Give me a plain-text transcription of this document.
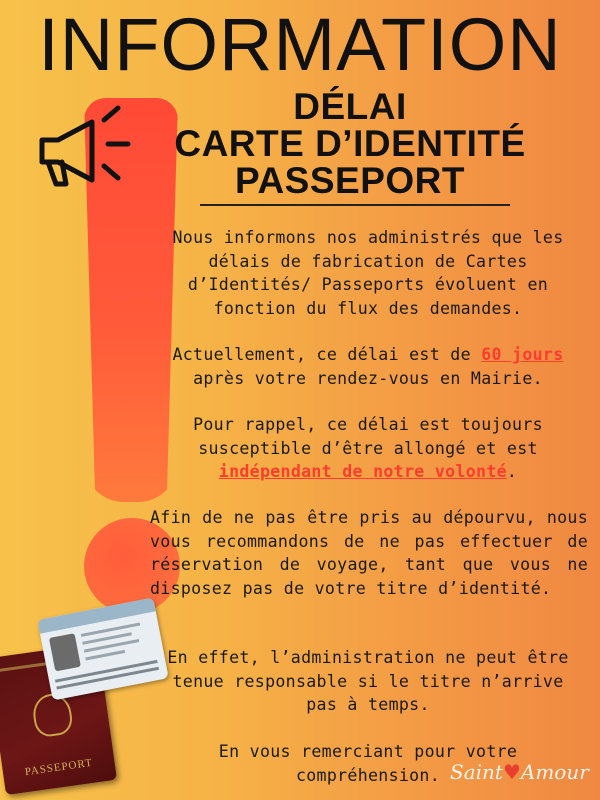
INFORMATION
DÉLAI
CARTE D’IDENTITÉ
PASSEPORT
Nous informons nos administrés que les délais de fabrication de Cartes d’Identités/ Passeports évoluent en fonction du flux des demandes.
Actuellement, ce délai est de 60 jours après votre rendez-vous en Mairie.
Pour rappel, ce délai est toujours susceptible d’être allongé et est indépendant de notre volonté.
Afin de ne pas être pris au dépourvu, nous vous recommandons de ne pas effectuer de réservation de voyage, tant que vous ne disposez pas de votre titre d’identité.
En effet, l’administration ne peut être tenue responsable si le titre n’arrive pas à temps.
En vous remerciant pour votre compréhension.
PASSEPORT	Saint♥Amour
